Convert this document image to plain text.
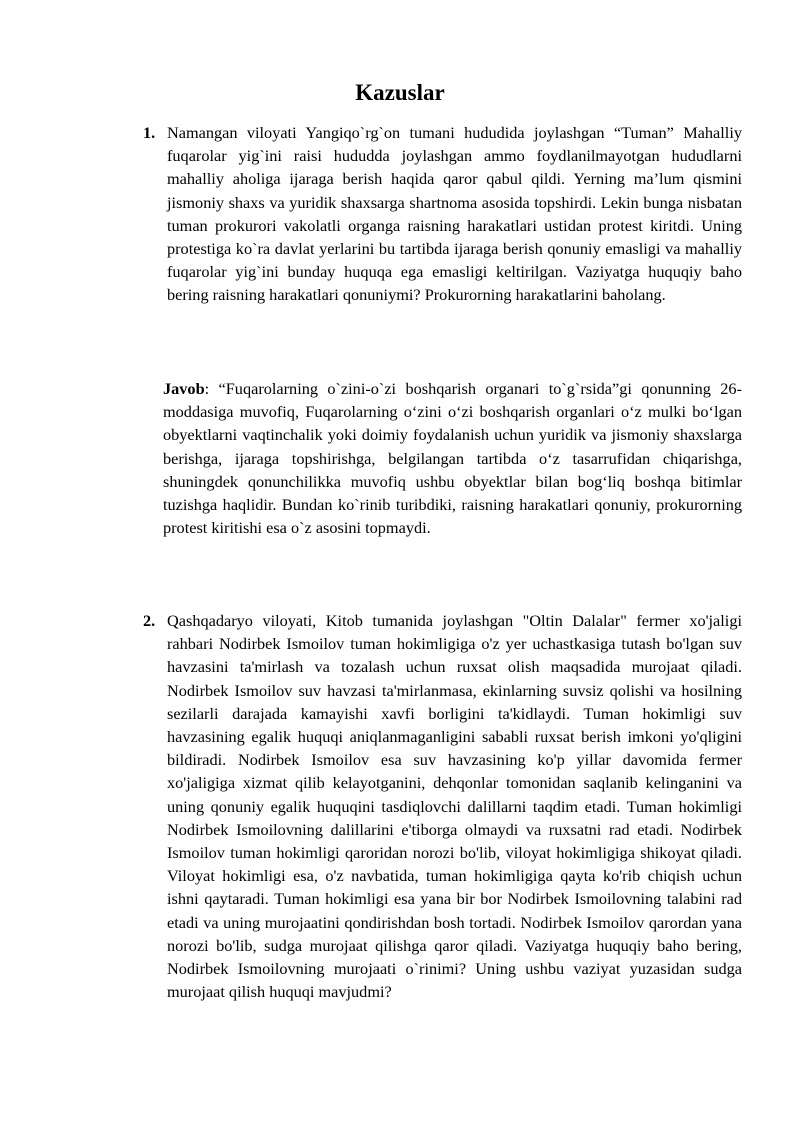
Kazuslar
1. Namangan viloyati Yangiqo`rg`on tumani hududida joylashgan “Tuman” Mahalliy fuqarolar yig`ini raisi hududda joylashgan ammo foydlanilmayotgan hududlarni mahalliy aholiga ijaraga berish haqida qaror qabul qildi. Yerning ma’lum qismini jismoniy shaxs va yuridik shaxsarga shartnoma asosida topshirdi. Lekin bunga nisbatan tuman prokurori vakolatli organga raisning harakatlari ustidan protest kiritdi. Uning protestiga ko`ra davlat yerlarini bu tartibda ijaraga berish qonuniy emasligi va mahalliy fuqarolar yig`ini bunday huquqa ega emasligi keltirilgan. Vaziyatga huquqiy baho bering raisning harakatlari qonuniymi? Prokurorning harakatlarini baholang.
Javob: “Fuqarolarning o`zini-o`zi boshqarish organari to`g`rsida”gi qonunning 26-moddasiga muvofiq, Fuqarolarning o‘zini o‘zi boshqarish organlari o‘z mulki bo‘lgan obyektlarni vaqtinchalik yoki doimiy foydalanish uchun yuridik va jismoniy shaxslarga berishga, ijaraga topshirishga, belgilangan tartibda o‘z tasarrufidan chiqarishga, shuningdek qonunchilikka muvofiq ushbu obyektlar bilan bog‘liq boshqa bitimlar tuzishga haqlidir. Bundan ko`rinib turibdiki, raisning harakatlari qonuniy, prokurorning protest kiritishi esa o`z asosini topmaydi.
2. Qashqadaryo viloyati, Kitob tumanida joylashgan "Oltin Dalalar" fermer xo'jaligi rahbari Nodirbek Ismoilov tuman hokimligiga o'z yer uchastkasiga tutash bo'lgan suv havzasini ta'mirlash va tozalash uchun ruxsat olish maqsadida murojaat qiladi. Nodirbek Ismoilov suv havzasi ta'mirlanmasa, ekinlarning suvsiz qolishi va hosilning sezilarli darajada kamayishi xavfi borligini ta'kidlaydi. Tuman hokimligi suv havzasining egalik huquqi aniqlanmaganligini sababli ruxsat berish imkoni yo'qligini bildiradi. Nodirbek Ismoilov esa suv havzasining ko'p yillar davomida fermer xo'jaligiga xizmat qilib kelayotganini, dehqonlar tomonidan saqlanib kelinganini va uning qonuniy egalik huquqini tasdiqlovchi dalillarni taqdim etadi. Tuman hokimligi Nodirbek Ismoilovning dalillarini e'tiborga olmaydi va ruxsatni rad etadi. Nodirbek Ismoilov tuman hokimligi qaroridan norozi bo'lib, viloyat hokimligiga shikoyat qiladi. Viloyat hokimligi esa, o'z navbatida, tuman hokimligiga qayta ko'rib chiqish uchun ishni qaytaradi. Tuman hokimligi esa yana bir bor Nodirbek Ismoilovning talabini rad etadi va uning murojaatini qondirishdan bosh tortadi. Nodirbek Ismoilov qarordan yana norozi bo'lib, sudga murojaat qilishga qaror qiladi. Vaziyatga huquqiy baho bering, Nodirbek Ismoilovning murojaati o`rinimi? Uning ushbu vaziyat yuzasidan sudga murojaat qilish huquqi mavjudmi?
